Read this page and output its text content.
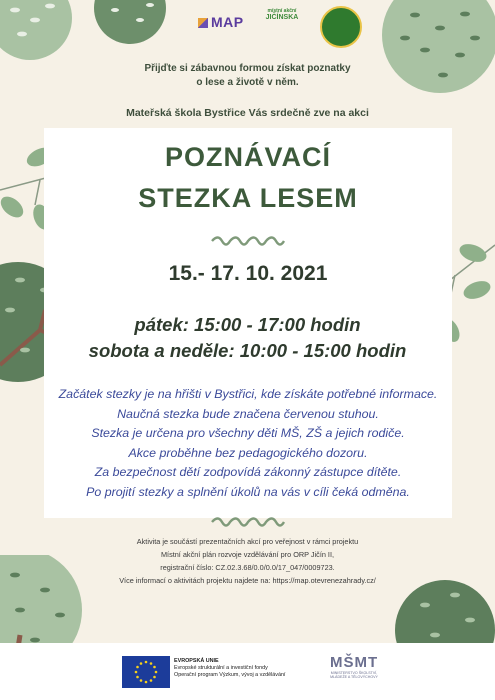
MAP
místní akční
JIČÍNSKA
Přijďte si zábavnou formou získat poznatky
o lese a životě v něm.
Mateřská škola Bystřice Vás srdečně zve na akci
POZNÁVACÍ
STEZKA LESEM
15.- 17. 10. 2021
pátek: 15:00 - 17:00 hodin
sobota a neděle: 10:00 - 15:00 hodin
Začátek stezky je na hřišti v Bystřici, kde získáte potřebné informace.
Naučná stezka bude značena červenou stuhou.
Stezka je určena pro všechny děti MŠ, ZŠ a jejich rodiče.
Akce proběhne bez pedagogického dozoru.
Za bezpečnost dětí zodpovídá zákonný zástupce dítěte.
Po projití stezky a splnění úkolů na vás v cíli čeká odměna.
Aktivita je součástí prezentačních akcí pro veřejnost v rámci projektu
Místní akční plán rozvoje vzdělávání pro ORP Jičín II,
registrační číslo: CZ.02.3.68/0.0/0.0/17_047/0009723.
Více informací o aktivitách projektu najdete na: https://map.otevrenezahrady.cz/
EVROPSKÁ UNIE
Evropské strukturální a investiční fondy
Operační program Výzkum, vývoj a vzdělávání
MŠMT
MINISTERSTVO ŠKOLSTVÍ,
MLÁDEŽE A TĚLOVÝCHOVY
